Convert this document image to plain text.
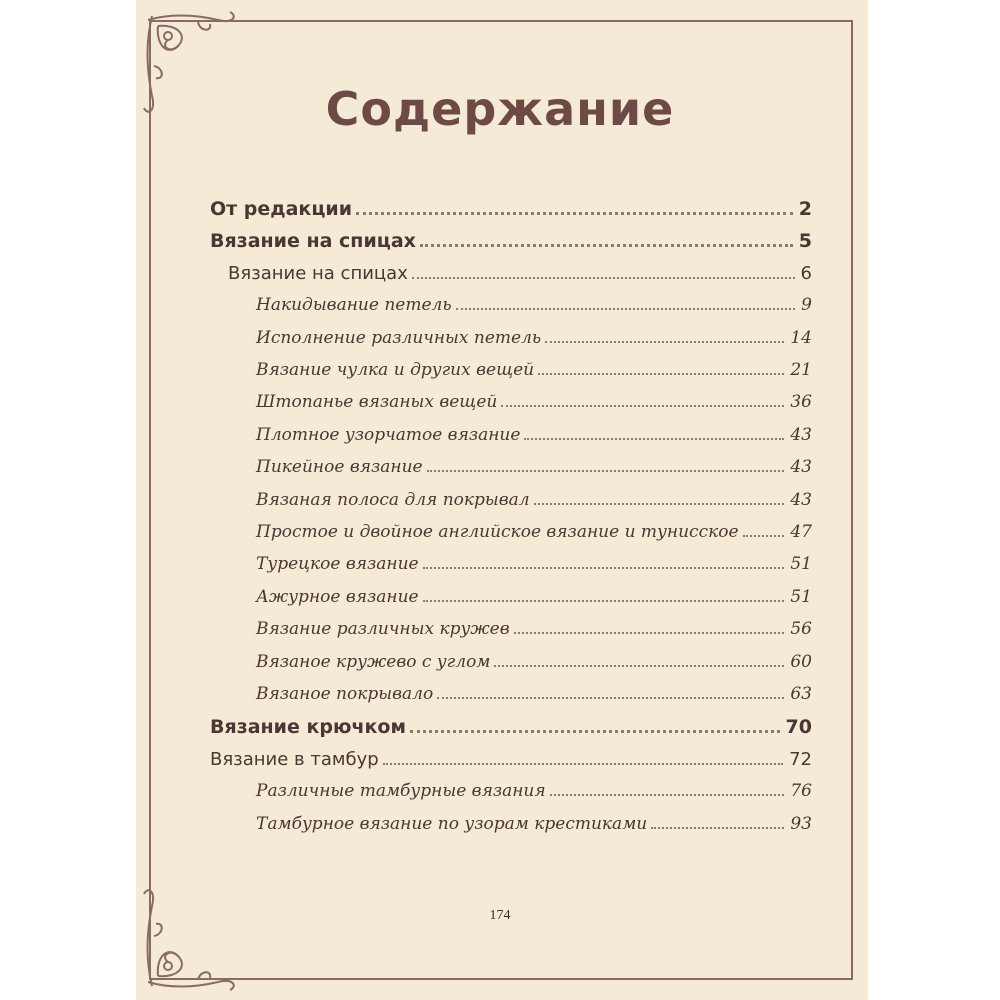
Содержание
От редакции	2
Вязание на спицах	5
Вязание на спицах	6
Накидывание петель	9
Исполнение различных петель	14
Вязание чулка и других вещей	21
Штопанье вязаных вещей	36
Плотное узорчатое вязание	43
Пикейное вязание	43
Вязаная полоса для покрывал	43
Простое и двойное английское вязание и тунисское	47
Турецкое вязание	51
Ажурное вязание	51
Вязание различных кружев	56
Вязаное кружево с углом	60
Вязаное покрывало	63
Вязание крючком	70
Вязание в тамбур	72
Различные тамбурные вязания	76
Тамбурное вязание по узорам крестиками	93
174
